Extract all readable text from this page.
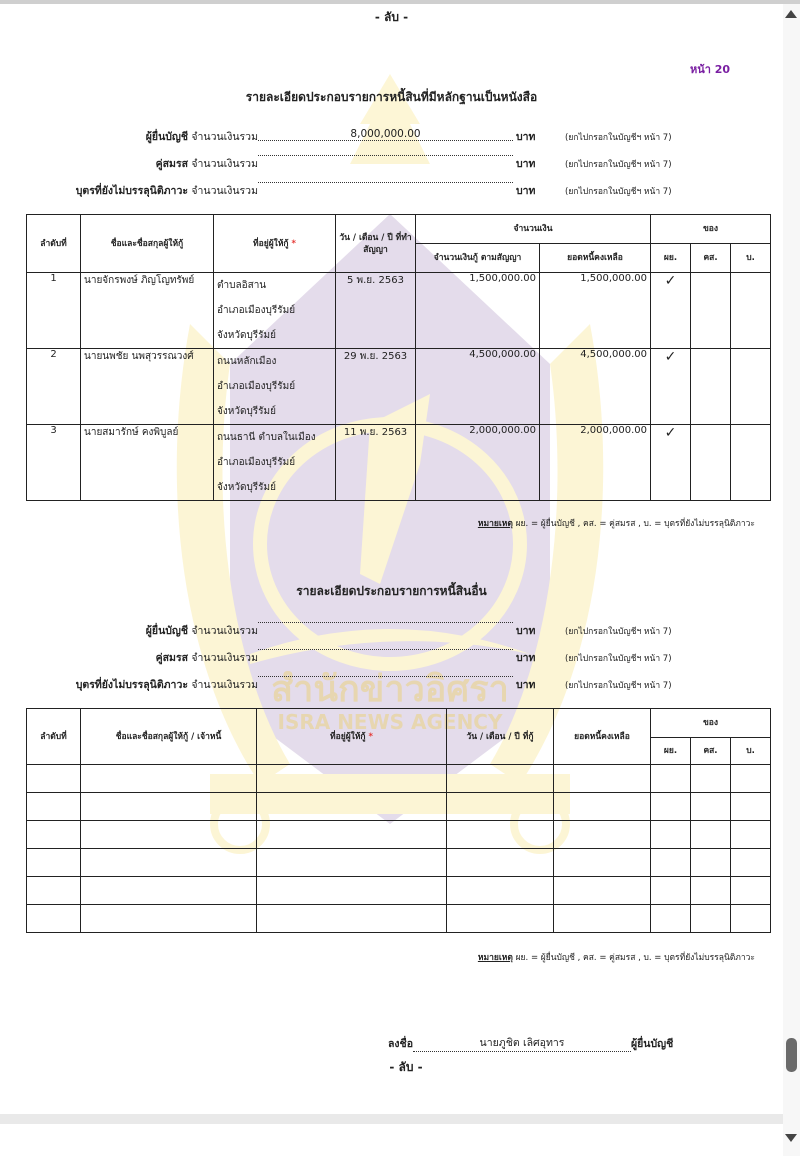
สำนักข่าวอิศรา
ISRA NEWS AGENCY
- ลับ -
หน้า 20
รายละเอียดประกอบรายการหนี้สินที่มีหลักฐานเป็นหนังสือ
ผู้ยื่นบัญชี จำนวนเงินรวม	8,000,000.00	บาท	(ยกไปกรอกในบัญชีฯ หน้า 7)
คู่สมรส จำนวนเงินรวม	บาท	(ยกไปกรอกในบัญชีฯ หน้า 7)
บุตรที่ยังไม่บรรลุนิติภาวะ จำนวนเงินรวม	บาท	(ยกไปกรอกในบัญชีฯ หน้า 7)
ลำดับที่	ชื่อและชื่อสกุลผู้ให้กู้	ที่อยู่ผู้ให้กู้ *	วัน / เดือน / ปี ที่ทำสัญญา	จำนวนเงิน		ของ		
				จำนวนเงินกู้ ตามสัญญา	ยอดหนี้คงเหลือ	ผย.	คส.	บ.
1	นายจักรพงษ์ ภิญโญทรัพย์	ตำบลอิสาน
อำเภอเมืองบุรีรัมย์
จังหวัดบุรีรัมย์	5 พ.ย. 2563	1,500,000.00	1,500,000.00	✓		
2	นายนพชัย นพสุวรรณวงศ์	ถนนหลักเมือง
อำเภอเมืองบุรีรัมย์
จังหวัดบุรีรัมย์	29 พ.ย. 2563	4,500,000.00	4,500,000.00	✓		
3	นายสมารักษ์ คงพิบูลย์	ถนนธานี ตำบลในเมือง
อำเภอเมืองบุรีรัมย์
จังหวัดบุรีรัมย์	11 พ.ย. 2563	2,000,000.00	2,000,000.00	✓		
หมายเหตุ ผย. = ผู้ยื่นบัญชี , คส. = คู่สมรส , บ. = บุตรที่ยังไม่บรรลุนิติภาวะ
รายละเอียดประกอบรายการหนี้สินอื่น
ผู้ยื่นบัญชี จำนวนเงินรวม	บาท	(ยกไปกรอกในบัญชีฯ หน้า 7)
คู่สมรส จำนวนเงินรวม	บาท	(ยกไปกรอกในบัญชีฯ หน้า 7)
บุตรที่ยังไม่บรรลุนิติภาวะ จำนวนเงินรวม	บาท	(ยกไปกรอกในบัญชีฯ หน้า 7)
ลำดับที่	ชื่อและชื่อสกุลผู้ให้กู้ / เจ้าหนี้	ที่อยู่ผู้ให้กู้ *	วัน / เดือน / ปี ที่กู้	ยอดหนี้คงเหลือ	ของ		
					ผย.	คส.	บ.

หมายเหตุ ผย. = ผู้ยื่นบัญชี , คส. = คู่สมรส , บ. = บุตรที่ยังไม่บรรลุนิติภาวะ
ลงชื่อ	นายภูชิต เลิศอุทาร	ผู้ยื่นบัญชี
- ลับ -
